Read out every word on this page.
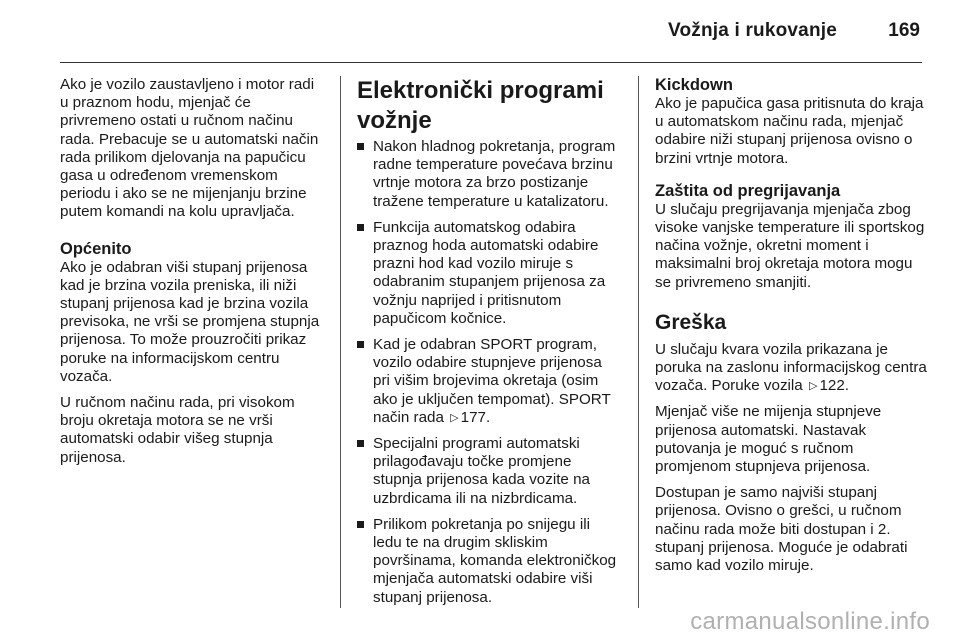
Vožnja i rukovanje	169

Ako je vozilo zaustavljeno i motor radi u praznom hodu, mjenjač će privremeno ostati u ručnom načinu rada. Prebacuje se u automatski način rada prilikom djelovanja na papučicu gasa u određenom vremenskom periodu i ako se ne mijenjanju brzine putem komandi na kolu upravljača.

Općenito

Ako je odabran viši stupanj prijenosa kad je brzina vozila preniska, ili niži stupanj prijenosa kad je brzina vozila previsoka, ne vrši se promjena stupnja prijenosa. To može prouzročiti prikaz poruke na informacijskom centru vozača.

U ručnom načinu rada, pri visokom broju okretaja motora se ne vrši automatski odabir višeg stupnja prijenosa.

Elektronički programi vožnje
Nakon hladnog pokretanja, program radne temperature povećava brzinu vrtnje motora za brzo postizanje tražene temperature u katalizatoru.
Funkcija automatskog odabira praznog hoda automatski odabire prazni hod kad vozilo miruje s odabranim stupanjem prijenosa za vožnju naprijed i pritisnutom papučicom kočnice.
Kad je odabran SPORT program, vozilo odabire stupnjeve prijenosa pri višim brojevima okretaja (osim ako je uključen tempomat). SPORT način rada ▷ 177.
Specijalni programi automatski prilagođavaju točke promjene stupnja prijenosa kada vozite na uzbrdicama ili na nizbrdicama.
Prilikom pokretanja po snijegu ili ledu te na drugim skliskim površinama, komanda elektroničkog mjenjača automatski odabire viši stupanj prijenosa.
Kickdown

Ako je papučica gasa pritisnuta do kraja u automatskom načinu rada, mjenjač odabire niži stupanj prijenosa ovisno o brzini vrtnje motora.

Zaštita od pregrijavanja

U slučaju pregrijavanja mjenjača zbog visoke vanjske temperature ili sportskog načina vožnje, okretni moment i maksimalni broj okretaja motora mogu se privremeno smanjiti.

Greška

U slučaju kvara vozila prikazana je poruka na zaslonu informacijskog centra vozača. Poruke vozila ▷ 122.

Mjenjač više ne mijenja stupnjeve prijenosa automatski. Nastavak putovanja je moguć s ručnom promjenom stupnjeva prijenosa.

Dostupan je samo najviši stupanj prijenosa. Ovisno o grešci, u ručnom načinu rada može biti dostupan i 2. stupanj prijenosa. Moguće je odabrati samo kad vozilo miruje.

carmanualsonline.info
